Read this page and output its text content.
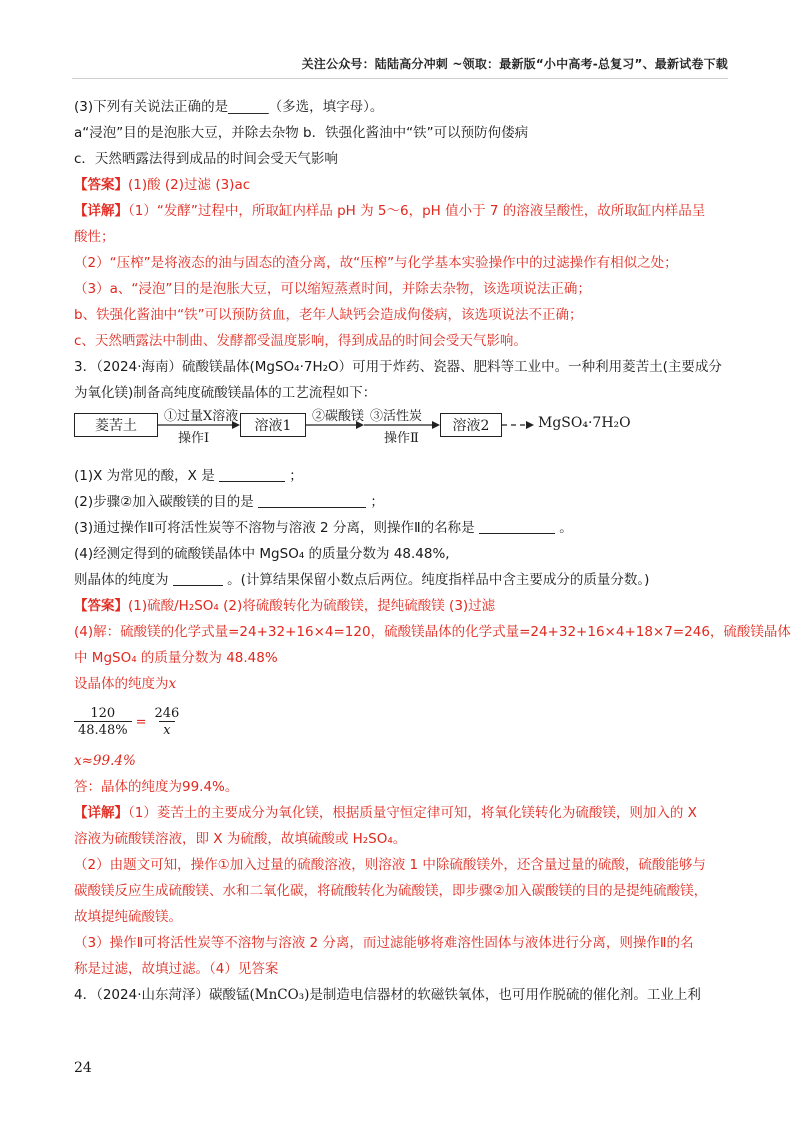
关注公众号：陆陆高分冲刺 ~领取：最新版“小中高考-总复习”、最新试卷下载
(3)下列有关说法正确的是______（多选，填字母）。
a“浸泡”目的是泡胀大豆，并除去杂物 b．铁强化酱油中“铁”可以预防佝偻病
c．天然晒露法得到成品的时间会受天气影响
【答案】(1)酸 (2)过滤 (3)ac
【详解】（1）“发酵”过程中，所取缸内样品 pH 为 5～6，pH 值小于 7 的溶液呈酸性，故所取缸内样品呈
酸性；
（2）“压榨”是将液态的油与固态的渣分离，故“压榨”与化学基本实验操作中的过滤操作有相似之处；
（3）a、“浸泡”目的是泡胀大豆，可以缩短蒸煮时间，并除去杂物，该选项说法正确；
b、铁强化酱油中“铁”可以预防贫血，老年人缺钙会造成佝偻病，该选项说法不正确；
c、天然晒露法中制曲、发酵都受温度影响，得到成品的时间会受天气影响。
3．（2024·海南）硫酸镁晶体(MgSO₄·7H₂O）可用于炸药、瓷器、肥料等工业中。一种利用菱苦土(主要成分
为氧化镁)制备高纯度硫酸镁晶体的工艺流程如下：
菱苦土
①过量X溶液
操作Ⅰ
溶液1
②碳酸镁 ③活性炭
操作Ⅱ
溶液2	MgSO₄·7H₂O
(1)X 为常见的酸，X 是	；
(2)步骤②加入碳酸镁的目的是	；
(3)通过操作Ⅱ可将活性炭等不溶物与溶液 2 分离，则操作Ⅱ的名称是	。
(4)经测定得到的硫酸镁晶体中 MgSO₄ 的质量分数为 48.48%,
则晶体的纯度为	。(计算结果保留小数点后两位。纯度指样品中含主要成分的质量分数。)
【答案】(1)硫酸/H₂SO₄ (2)将硫酸转化为硫酸镁，提纯硫酸镁 (3)过滤
(4)解：硫酸镁的化学式量=24+32+16×4=120，硫酸镁晶体的化学式量=24+32+16×4+18×7=246，硫酸镁晶体
中 MgSO₄ 的质量分数为 48.48%
设晶体的纯度为x
$\frac{120}{48.48\%} = \frac{246}{x}$
x≈99.4%
答：晶体的纯度为99.4%。
【详解】（1）菱苦土的主要成分为氧化镁，根据质量守恒定律可知，将氧化镁转化为硫酸镁，则加入的 X
溶液为硫酸镁溶液，即 X 为硫酸，故填硫酸或 H₂SO₄。
（2）由题文可知，操作①加入过量的硫酸溶液，则溶液 1 中除硫酸镁外，还含量过量的硫酸，硫酸能够与
碳酸镁反应生成硫酸镁、水和二氧化碳，将硫酸转化为硫酸镁，即步骤②加入碳酸镁的目的是提纯硫酸镁，
故填提纯硫酸镁。
（3）操作Ⅱ可将活性炭等不溶物与溶液 2 分离，而过滤能够将难溶性固体与液体进行分离，则操作Ⅱ的名
称是过滤，故填过滤。（4）见答案
4．（2024·山东菏泽）碳酸锰(MnCO₃)是制造电信器材的软磁铁氧体，也可用作脱硫的催化剂。工业上利
24
